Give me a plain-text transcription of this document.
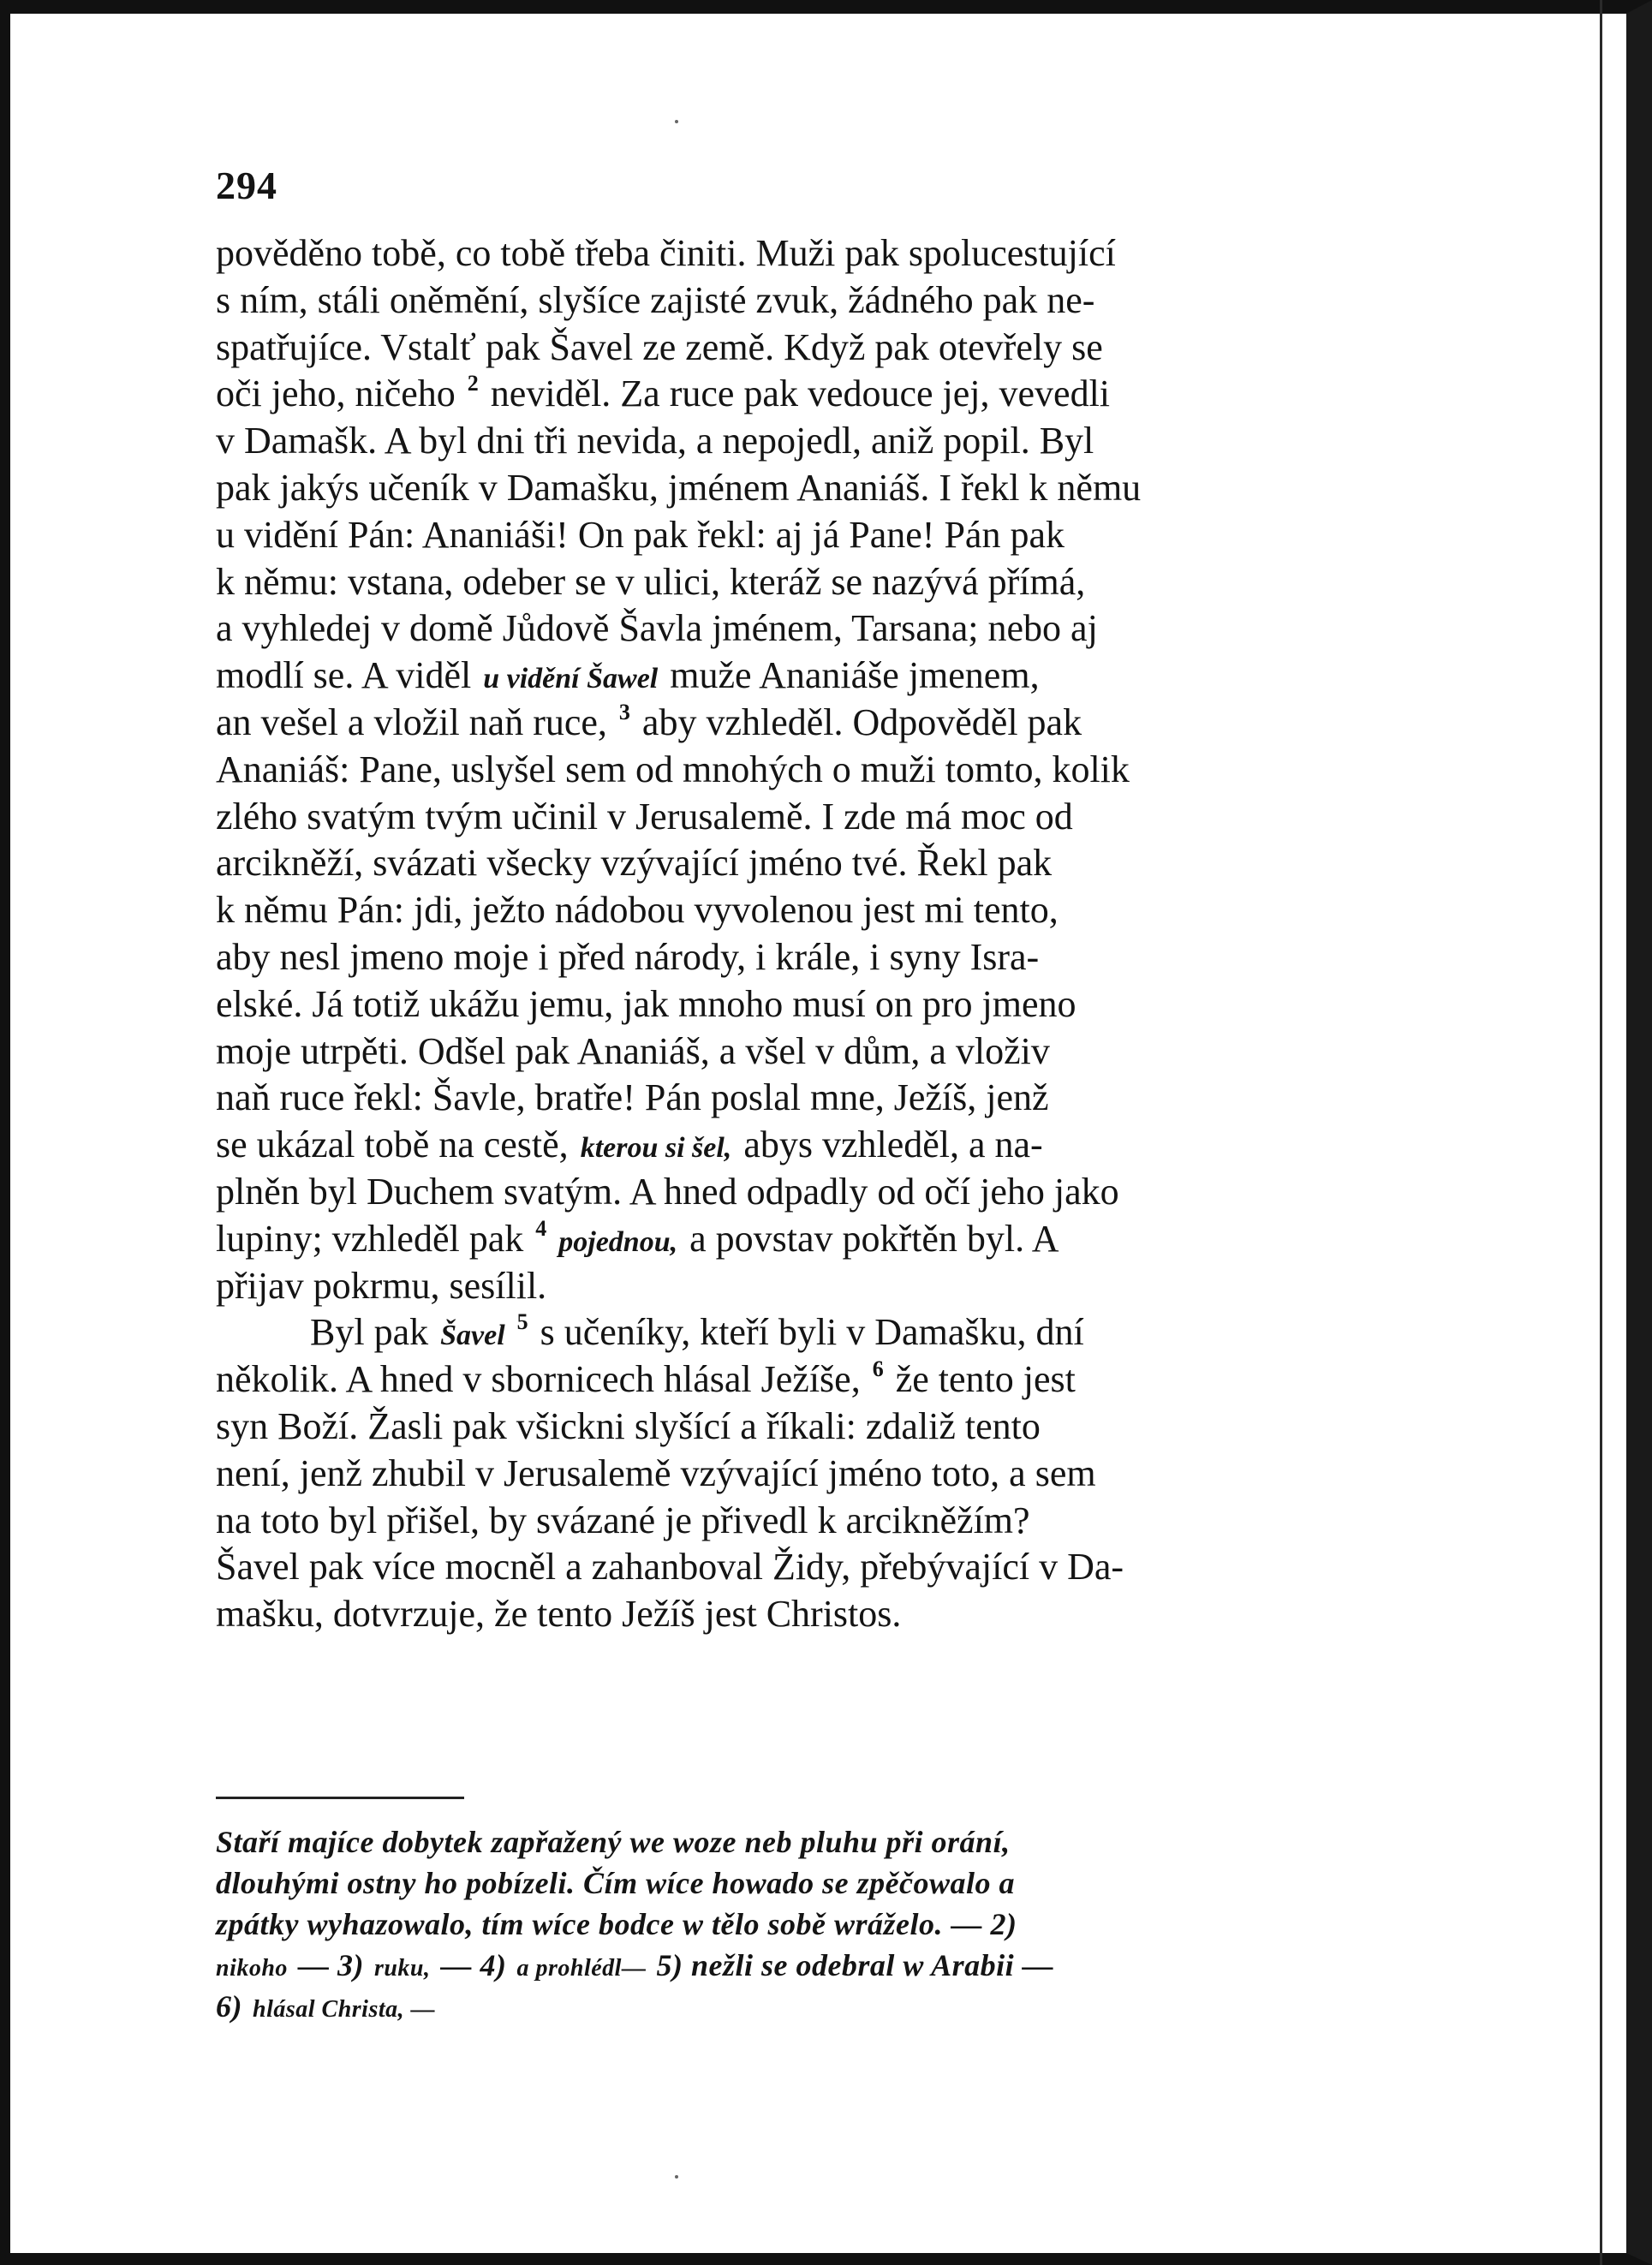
294
pověděno tobě, co tobě třeba činiti. Muži pak spolucestující
s ním, stáli oněmění, slyšíce zajisté zvuk, žádného pak ne-
spatřujíce. Vstalť pak Šavel ze země. Když pak otevřely se
oči jeho, ničeho 2 neviděl. Za ruce pak vedouce jej, vevedli
v Damašk. A byl dni tři nevida, a nepojedl, aniž popil. Byl
pak jakýs učeník v Damašku, jménem Ananiáš. I řekl k němu
u vidění Pán: Ananiáši! On pak řekl: aj já Pane! Pán pak
k němu: vstana, odeber se v ulici, kteráž se nazývá přímá,
a vyhledej v domě Jůdově Šavla jménem, Tarsana; nebo aj
modlí se. A viděl u vidění Šawel muže Ananiáše jmenem,
an vešel a vložil naň ruce, 3 aby vzhleděl. Odpověděl pak
Ananiáš: Pane, uslyšel sem od mnohých o muži tomto, kolik
zlého svatým tvým učinil v Jerusalemě. I zde má moc od
arcikněží, svázati všecky vzývající jméno tvé. Řekl pak
k němu Pán: jdi, ježto nádobou vyvolenou jest mi tento,
aby nesl jmeno moje i před národy, i krále, i syny Isra-
elské. Já totiž ukážu jemu, jak mnoho musí on pro jmeno
moje utrpěti. Odšel pak Ananiáš, a všel v dům, a vloživ
naň ruce řekl: Šavle, bratře! Pán poslal mne, Ježíš, jenž
se ukázal tobě na cestě, kterou si šel, abys vzhleděl, a na-
plněn byl Duchem svatým. A hned odpadly od očí jeho jako
lupiny; vzhleděl pak 4 pojednou, a povstav pokřtěn byl. A
přijav pokrmu, sesílil.
Byl pak Šavel 5 s učeníky, kteří byli v Damašku, dní
několik. A hned v sbornicech hlásal Ježíše, 6 že tento jest
syn Boží. Žasli pak všickni slyšící a říkali: zdaliž tento
není, jenž zhubil v Jerusalemě vzývající jméno toto, a sem
na toto byl přišel, by svázané je přivedl k arcikněžím?
Šavel pak více mocněl a zahanboval Židy, přebývající v Da-
mašku, dotvrzuje, že tento Ježíš jest Christos.
Staří majíce dobytek zapřažený we woze neb pluhu při orání,
dlouhými ostny ho pobízeli. Čím wíce howado se zpěčowalo a
zpátky wyhazowalo, tím wíce bodce w tělo sobě wráželo. — 2)
nikoho — 3) ruku, — 4) a prohlédl— 5) nežli se odebral w Arabii —
6) hlásal Christa, —
